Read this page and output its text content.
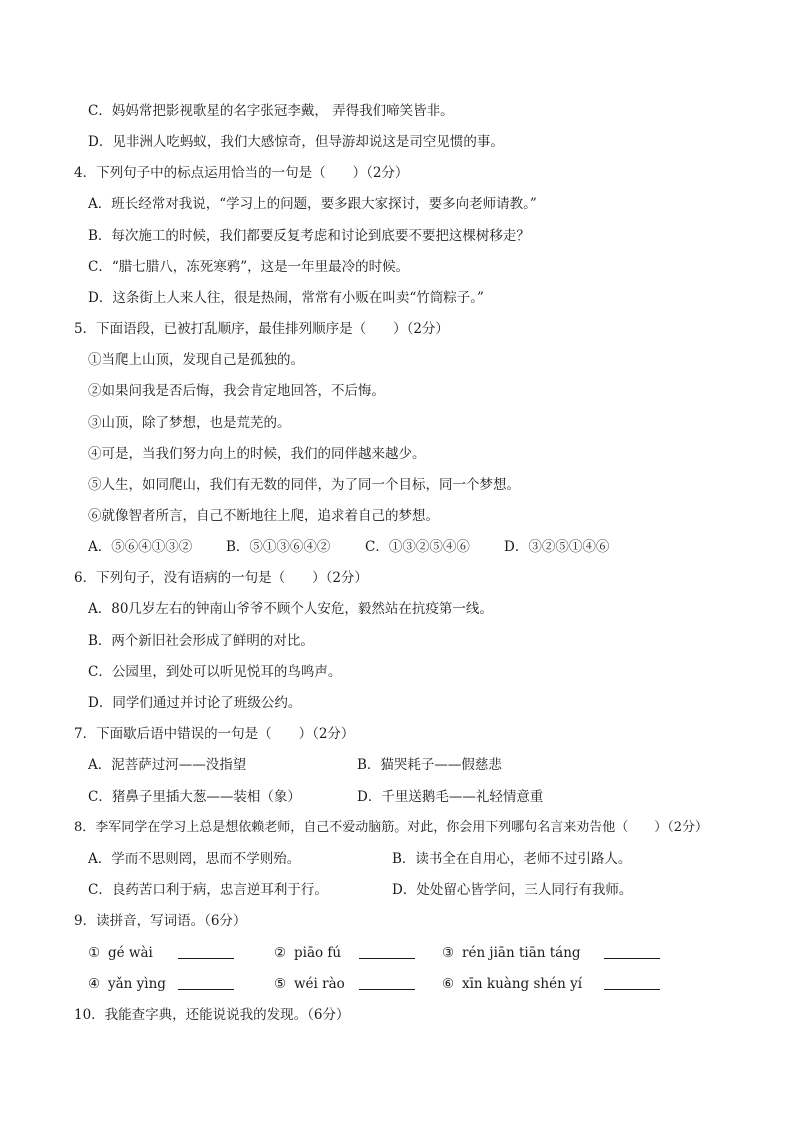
C．妈妈常把影视歌星的名字张冠李戴， 弄得我们啼笑皆非。
D．见非洲人吃蚂蚁，我们大感惊奇，但导游却说这是司空见惯的事。
4．下列句子中的标点运用恰当的一句是（　　）（2分）
A．班长经常对我说，“学习上的问题，要多跟大家探讨，要多向老师请教。”
B．每次施工的时候，我们都要反复考虑和讨论到底要不要把这棵树移走？
C．“腊七腊八，冻死寒鸦”，这是一年里最冷的时候。
D．这条街上人来人往，很是热闹，常常有小贩在叫卖“竹筒粽子。”
5．下面语段，已被打乱顺序，最佳排列顺序是（　　）（2分）
①当爬上山顶，发现自己是孤独的。
②如果问我是否后悔，我会肯定地回答，不后悔。
③山顶，除了梦想，也是荒芜的。
④可是，当我们努力向上的时候，我们的同伴越来越少。
⑤人生，如同爬山，我们有无数的同伴，为了同一个目标，同一个梦想。
⑥就像智者所言，自己不断地往上爬，追求着自己的梦想。
A．⑤⑥④①③②	B．⑤①③⑥④②	C．①③②⑤④⑥	D．③②⑤①④⑥
6．下列句子，没有语病的一句是（　　）（2分）
A．80几岁左右的钟南山爷爷不顾个人安危，毅然站在抗疫第一线。
B．两个新旧社会形成了鲜明的对比。
C．公园里，到处可以听见悦耳的鸟鸣声。
D．同学们通过并讨论了班级公约。
7．下面歇后语中错误的一句是（　　）（2分）
A．泥菩萨过河——没指望	B．猫哭耗子——假慈悲
C．猪鼻子里插大葱——装相（象）	D．千里送鹅毛——礼轻情意重
8．李军同学在学习上总是想依赖老师，自己不爱动脑筋。对此，你会用下列哪句名言来劝告他（　　）（2分）
A．学而不思则罔，思而不学则殆。	B．读书全在自用心，老师不过引路人。
C．良药苦口利于病，忠言逆耳利于行。	D．处处留心皆学问，三人同行有我师。
9．读拼音，写词语。（6分）
① gé wài	② piāo fú	③ rén jiān tiān táng
④ yǎn yìng	⑤ wéi rào	⑥ xīn kuàng shén yí
10．我能查字典，还能说说我的发现。（6分）
